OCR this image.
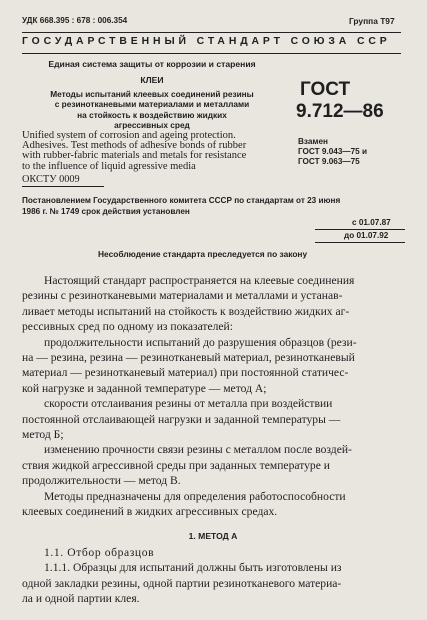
УДК 668.395 : 678 : 006.354	Группа Т97
ГОСУДАРСТВЕННЫЙ СТАНДАРТ СОЮЗА ССР
Единая система защиты от коррозии и старения
КЛЕИ
Методы испытаний клеевых соединений резины
с резинотканевыми материалами и металлами
на стойкость к воздействию жидких
агрессивных сред
Unified system of corrosion and ageing protection.
Adhesives. Test methods of adhesive bonds of rubber
with rubber-fabric materials and metals for resistance
to the influence of liquid agressive media
ОКСТУ 0009
ГОСТ
9.712—86
Взамен
ГОСТ 9.043—75 и
ГОСТ 9.063—75
Постановлением Государственного комитета СССР по стандартам от 23 июня
1986 г. № 1749 срок действия установлен
с 01.07.87
до 01.07.92
Несоблюдение стандарта преследуется по закону
Настоящий стандарт распространяется на клеевые соединения
резины с резинотканевыми материалами и металлами и устанав-
ливает методы испытаний на стойкость к воздействию жидких аг-
рессивных сред по одному из показателей:
продолжительности испытаний до разрушения образцов (рези-
на — резина, резина — резинотканевый материал, резинотканевый
материал — резинотканевый материал) при постоянной статичес-
кой нагрузке и заданной температуре — метод А;
скорости отслаивания резины от металла при воздействии
постоянной отслаивающей нагрузки и заданной температуры —
метод Б;
изменению прочности связи резины с металлом после воздей-
ствия жидкой агрессивной среды при заданных температуре и
продолжительности — метод В.
Методы предназначены для определения работоспособности
клеевых соединений в жидких агрессивных средах.
1. МЕТОД А
1.1. Отбор образцов
1.1.1. Образцы для испытаний должны быть изготовлены из
одной закладки резины, одной партии резинотканевого материа-
ла и одной партии клея.
